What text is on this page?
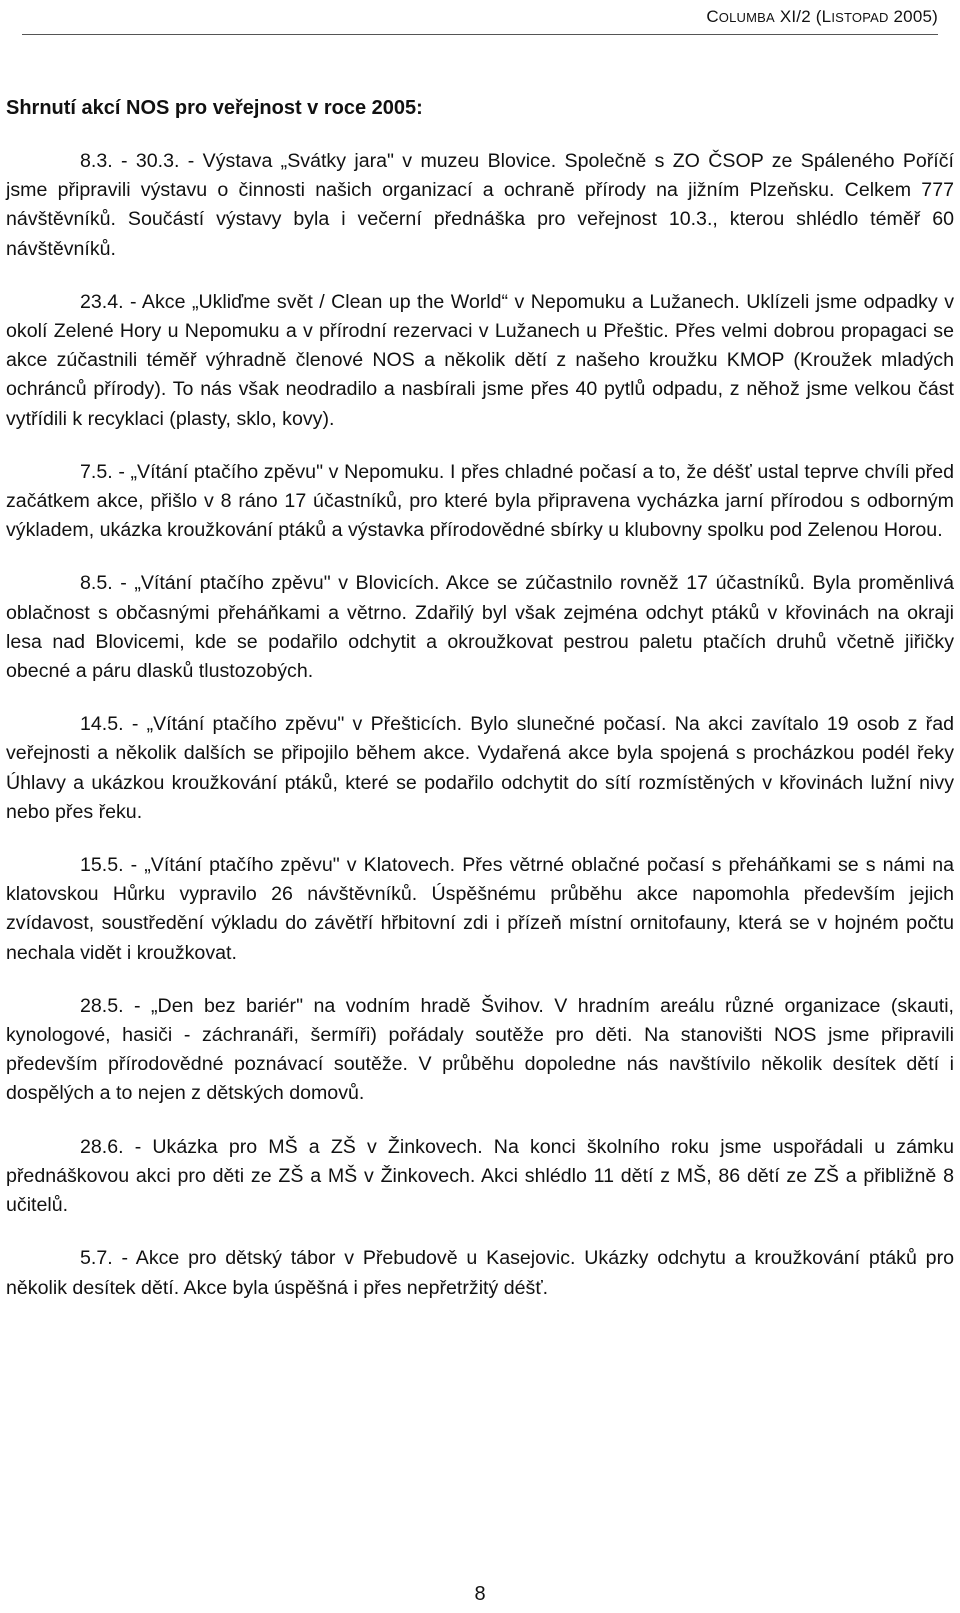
COLUMBA XI/2 (LISTOPAD 2005)
Shrnutí akcí NOS pro veřejnost v roce 2005:

8.3. - 30.3. - Výstava „Svátky jara" v muzeu Blovice. Společně s ZO ČSOP ze Spáleného Poříčí jsme připravili výstavu o činnosti našich organizací a ochraně přírody na jižním Plzeňsku. Celkem 777 návštěvníků. Součástí výstavy byla i večerní přednáška pro veřejnost 10.3., kterou shlédlo téměř 60 návštěvníků.

23.4. - Akce „Ukliďme svět / Clean up the World“ v Nepomuku a Lužanech. Uklízeli jsme odpadky v okolí Zelené Hory u Nepomuku a v přírodní rezervaci v Lužanech u Přeštic. Přes velmi dobrou propagaci se akce zúčastnili téměř výhradně členové NOS a několik dětí z našeho kroužku KMOP (Kroužek mladých ochránců přírody). To nás však neodradilo a nasbírali jsme přes 40 pytlů odpadu, z něhož jsme velkou část vytřídili k recyklaci (plasty, sklo, kovy).

7.5. - „Vítání ptačího zpěvu" v Nepomuku. I přes chladné počasí a to, že déšť ustal teprve chvíli před začátkem akce, přišlo v 8 ráno 17 účastníků, pro které byla připravena vycházka jarní přírodou s odborným výkladem, ukázka kroužkování ptáků a výstavka přírodovědné sbírky u klubovny spolku pod Zelenou Horou.

8.5. - „Vítání ptačího zpěvu" v Blovicích. Akce se zúčastnilo rovněž 17 účastníků. Byla proměnlivá oblačnost s občasnými přeháňkami a větrno. Zdařilý byl však zejména odchyt ptáků v křovinách na okraji lesa nad Blovicemi, kde se podařilo odchytit a okroužkovat pestrou paletu ptačích druhů včetně jiřičky obecné a páru dlasků tlustozobých.

14.5. - „Vítání ptačího zpěvu" v Přešticích. Bylo slunečné počasí. Na akci zavítalo 19 osob z řad veřejnosti a několik dalších se připojilo během akce. Vydařená akce byla spojená s procházkou podél řeky Úhlavy a ukázkou kroužkování ptáků, které se podařilo odchytit do sítí rozmístěných v křovinách lužní nivy nebo přes řeku.

15.5. - „Vítání ptačího zpěvu" v Klatovech. Přes větrné oblačné počasí s přeháňkami se s námi na klatovskou Hůrku vypravilo 26 návštěvníků. Úspěšnému průběhu akce napomohla především jejich zvídavost, soustředění výkladu do závětří hřbitovní zdi i přízeň místní ornitofauny, která se v hojném počtu nechala vidět i kroužkovat.

28.5. - „Den bez bariér" na vodním hradě Švihov. V hradním areálu různé organizace (skauti, kynologové, hasiči - záchranáři, šermíři) pořádaly soutěže pro děti. Na stanovišti NOS jsme připravili především přírodovědné poznávací soutěže. V průběhu dopoledne nás navštívilo několik desítek dětí i dospělých a to nejen z dětských domovů.

28.6. - Ukázka pro MŠ a ZŠ v Žinkovech. Na konci školního roku jsme uspořádali u zámku přednáškovou akci pro děti ze ZŠ a MŠ v Žinkovech. Akci shlédlo 11 dětí z MŠ, 86 dětí ze ZŠ a přibližně 8 učitelů.

5.7. - Akce pro dětský tábor v Přebudově u Kasejovic. Ukázky odchytu a kroužkování ptáků pro několik desítek dětí. Akce byla úspěšná i přes nepřetržitý déšť.

8
